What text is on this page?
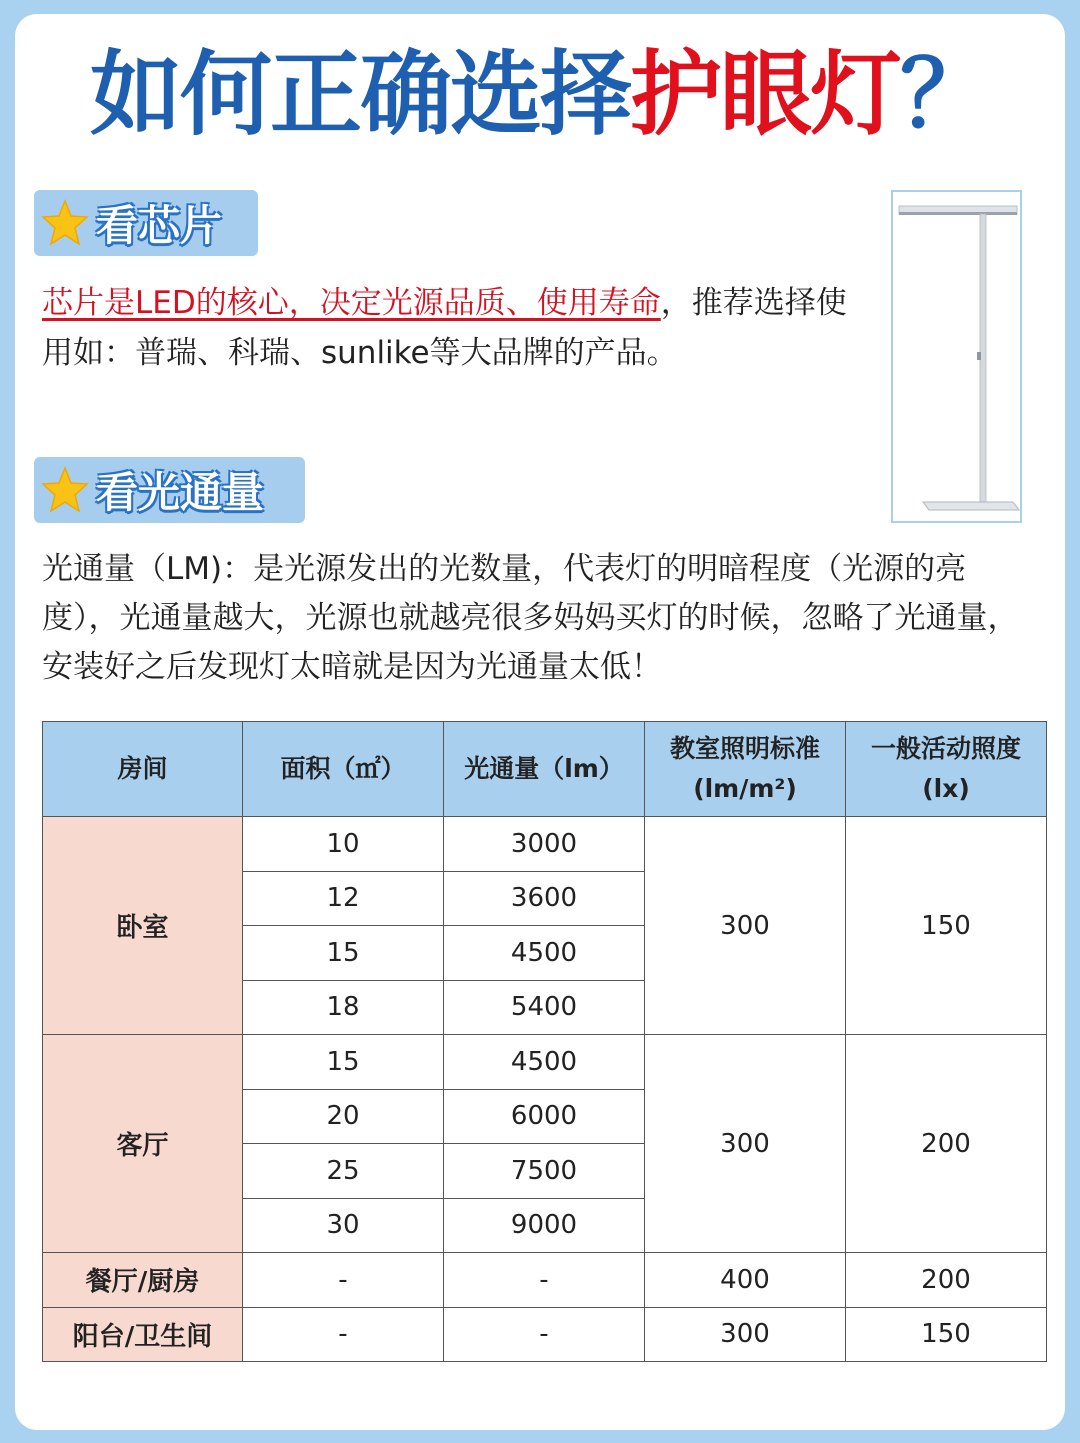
如何正确选择护眼灯？
看芯片
芯片是LED的核心，决定光源品质、使用寿命，推荐选择使用如：普瑞、科瑞、sunlike等大品牌的产品。
看光通量
光通量（LM)：是光源发出的光数量，代表灯的明暗程度（光源的亮度），光通量越大，光源也就越亮很多妈妈买灯的时候，忽略了光通量，安装好之后发现灯太暗就是因为光通量太低！
房间	面积（㎡）	光通量（lm）	教室照明标准 (lm/m²)	一般活动照度 (lx)
卧室	10	3000	300	150
	12	3600		
	15	4500		
	18	5400		
客厅	15	4500	300	200
	20	6000		
	25	7500		
	30	9000		
餐厅/厨房	-	-	400	200
阳台/卫生间	-	-	300	150
